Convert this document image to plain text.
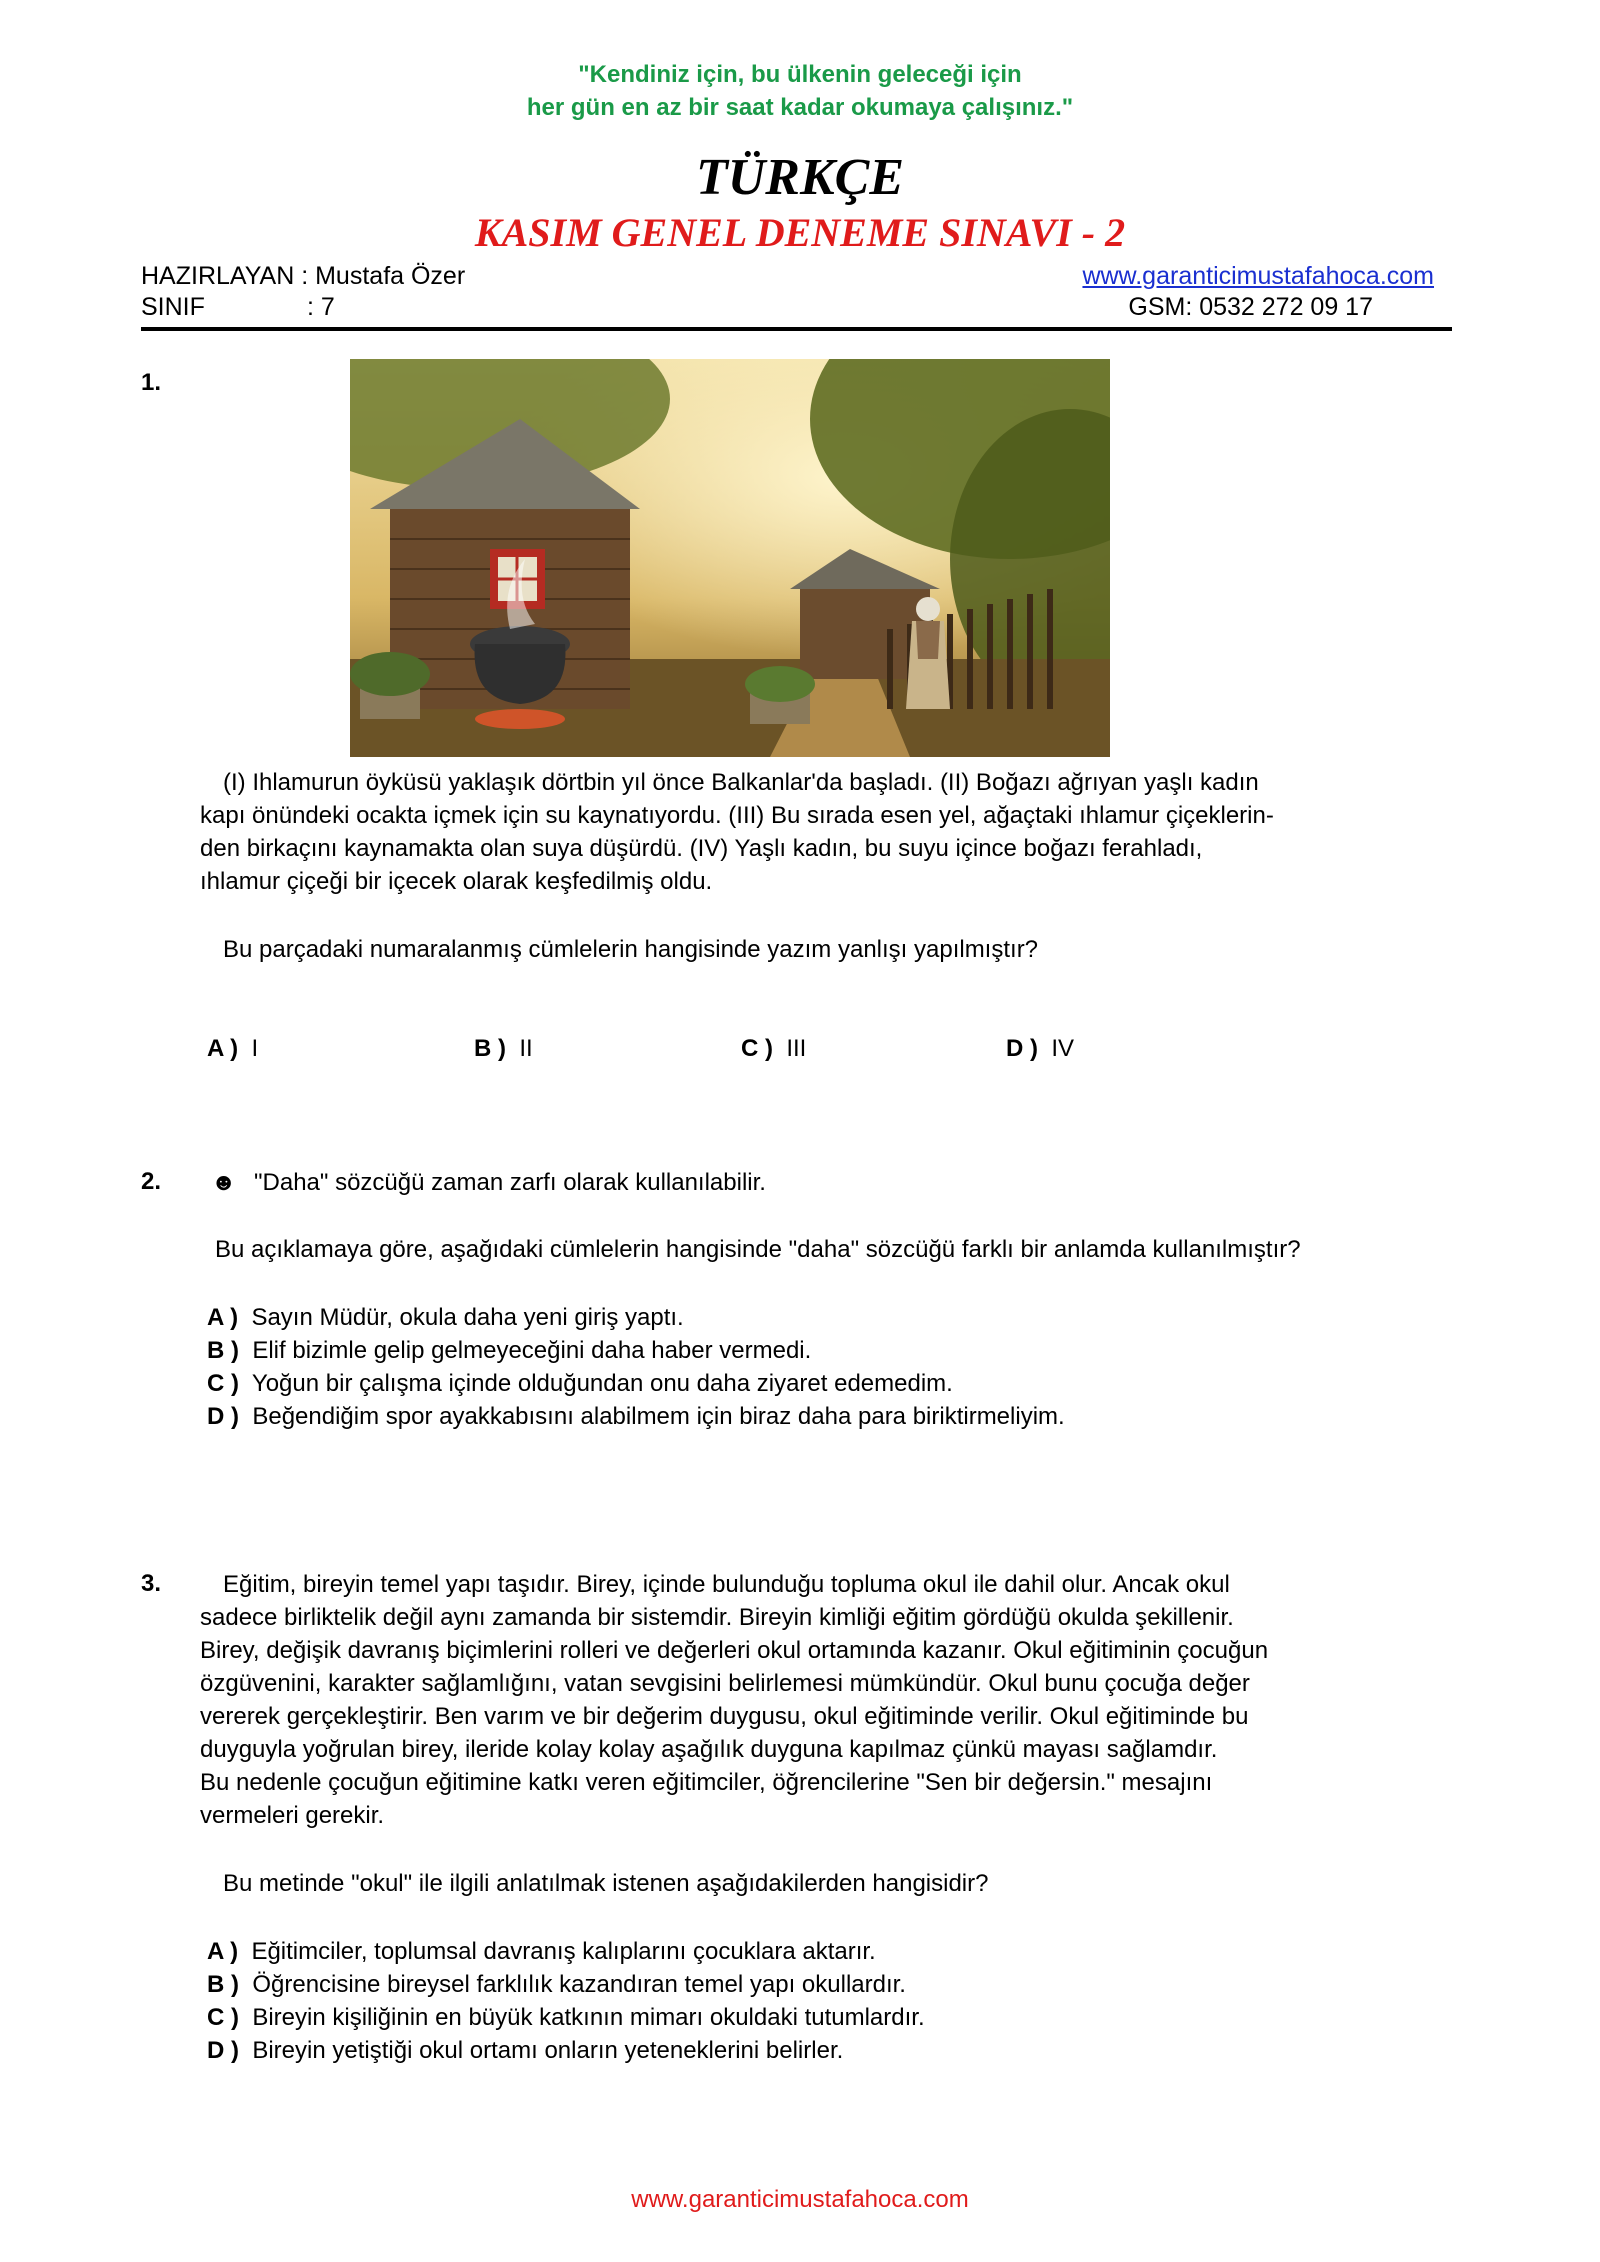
"Kendiniz için, bu ülkenin geleceği için
her gün en az bir saat kadar okumaya çalışınız."
TÜRKÇE
KASIM GENEL DENEME SINAVI - 2
HAZIRLAYAN : Mustafa Özer	www.garanticimustafahoca.com
SINIF	: 7	GSM: 0532 272 09 17
1.
(I) Ihlamurun öyküsü yaklaşık dörtbin yıl önce Balkanlar'da başladı. (II) Boğazı ağrıyan yaşlı kadın
kapı önündeki ocakta içmek için su kaynatıyordu. (III) Bu sırada esen yel, ağaçtaki ıhlamur çiçeklerin-
den birkaçını kaynamakta olan suya düşürdü. (IV) Yaşlı kadın, bu suyu içince boğazı ferahladı,
ıhlamur çiçeği bir içecek olarak keşfedilmiş oldu.
Bu parçadaki numaralanmış cümlelerin hangisinde yazım yanlışı yapılmıştır?
A ) I	B ) II	C ) III	D ) IV
2. ☻ "Daha" sözcüğü zaman zarfı olarak kullanılabilir.
Bu açıklamaya göre, aşağıdaki cümlelerin hangisinde "daha" sözcüğü farklı bir anlamda kullanılmıştır?
A ) Sayın Müdür, okula daha yeni giriş yaptı.
B ) Elif bizimle gelip gelmeyeceğini daha haber vermedi.
C ) Yoğun bir çalışma içinde olduğundan onu daha ziyaret edemedim.
D ) Beğendiğim spor ayakkabısını alabilmem için biraz daha para biriktirmeliyim.
3.	Eğitim, bireyin temel yapı taşıdır. Birey, içinde bulunduğu topluma okul ile dahil olur. Ancak okul
sadece birliktelik değil aynı zamanda bir sistemdir. Bireyin kimliği eğitim gördüğü okulda şekillenir.
Birey, değişik davranış biçimlerini rolleri ve değerleri okul ortamında kazanır. Okul eğitiminin çocuğun
özgüvenini, karakter sağlamlığını, vatan sevgisini belirlemesi mümkündür. Okul bunu çocuğa değer
vererek gerçekleştirir. Ben varım ve bir değerim duygusu, okul eğitiminde verilir. Okul eğitiminde bu
duyguyla yoğrulan birey, ileride kolay kolay aşağılık duyguna kapılmaz çünkü mayası sağlamdır.
Bu nedenle çocuğun eğitimine katkı veren eğitimciler, öğrencilerine "Sen bir değersin." mesajını
vermeleri gerekir.
Bu metinde "okul" ile ilgili anlatılmak istenen aşağıdakilerden hangisidir?
A ) Eğitimciler, toplumsal davranış kalıplarını çocuklara aktarır.
B ) Öğrencisine bireysel farklılık kazandıran temel yapı okullardır.
C ) Bireyin kişiliğinin en büyük katkının mimarı okuldaki tutumlardır.
D ) Bireyin yetiştiği okul ortamı onların yeteneklerini belirler.
www.garanticimustafahoca.com
